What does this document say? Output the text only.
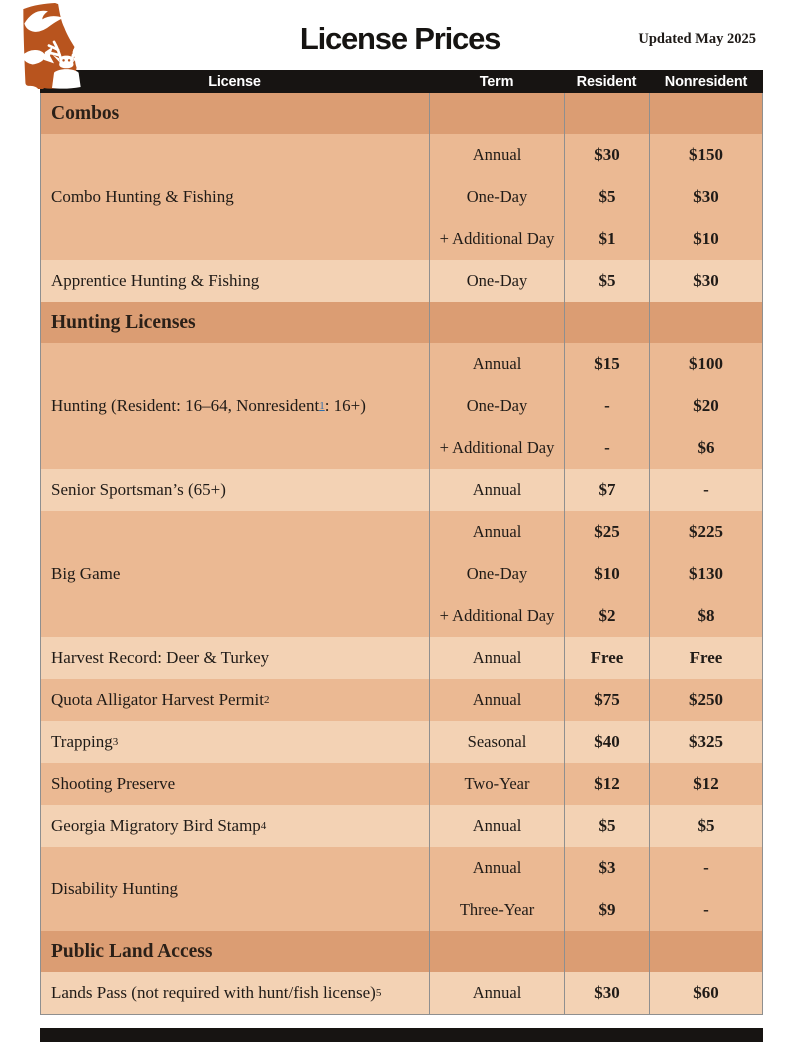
License Prices	Updated May 2025
License	Term	Resident	Nonresident
Combos
Combo Hunting & Fishing
Annual	$30	$150
One-Day	$5	$30
+ Additional Day	$1	$10
Apprentice Hunting & Fishing	One-Day	$5	$30
Hunting Licenses
Hunting (Resident: 16–64, Nonresident 1 : 16+)
Annual	$15	$100
One-Day	-	$20
+ Additional Day	-	$6
Senior Sportsman’s (65+)	Annual	$7	-
Big Game
Annual	$25	$225
One-Day	$10	$130
+ Additional Day	$2	$8
Harvest Record: Deer & Turkey	Annual	Free	Free
Quota Alligator Harvest Permit 2	Annual	$75	$250
Trapping 3	Seasonal	$40	$325
Shooting Preserve	Two-Year	$12	$12
Georgia Migratory Bird Stamp 4	Annual	$5	$5
Disability Hunting
Annual	$3	-
Three-Year	$9	-
Public Land Access
Lands Pass (not required with hunt/fish license) 5	Annual	$30	$60
